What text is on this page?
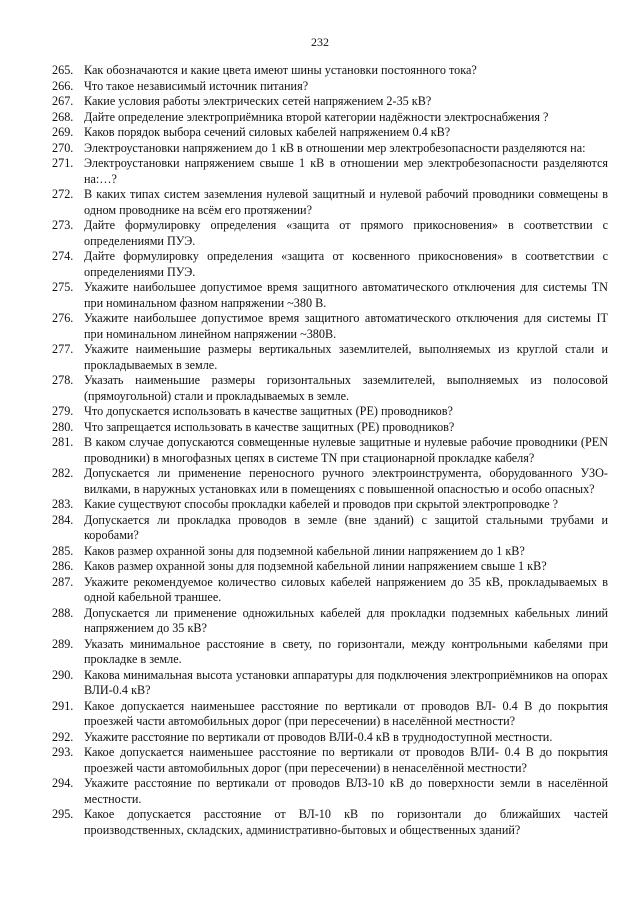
232
265. Как обозначаются и какие цвета имеют шины установки постоянного тока?
266. Что такое независимый источник питания?
267. Какие условия работы электрических сетей напряжением 2-35 кВ?
268. Дайте определение электроприёмника второй категории надёжности электроснабжения ?
269. Каков порядок выбора сечений силовых кабелей напряжением 0.4 кВ?
270. Электроустановки напряжением до 1 кВ в отношении мер электробезопасности разделяются на:
271. Электроустановки напряжением свыше 1 кВ в отношении мер электробезопасности разделяются на:…?
272. В каких типах систем заземления нулевой защитный и нулевой рабочий проводники совмещены в одном проводнике на всём его протяжении?
273. Дайте формулировку определения «защита от прямого прикосновения» в соответствии с определениями ПУЭ.
274. Дайте формулировку определения «защита от косвенного прикосновения» в соответствии с определениями ПУЭ.
275. Укажите наибольшее допустимое время защитного автоматического отключения для системы TN при номинальном фазном напряжении ~380 В.
276. Укажите наибольшее допустимое время защитного автоматического отключения для системы IT при номинальном линейном напряжении ~380В.
277. Укажите наименьшие размеры вертикальных заземлителей, выполняемых из круглой стали и прокладываемых в земле.
278. Указать наименьшие размеры горизонтальных заземлителей, выполняемых из полосовой (прямоугольной) стали и прокладываемых в земле.
279. Что допускается использовать в качестве защитных (РЕ) проводников?
280. Что запрещается использовать в качестве защитных (РЕ) проводников?
281. В каком случае допускаются совмещенные нулевые защитные и нулевые рабочие проводники (PEN проводники) в многофазных цепях в системе TN при стационарной прокладке кабеля?
282. Допускается ли применение переносного ручного электроинструмента, оборудованного УЗО-вилками, в наружных установках или в помещениях с повышенной опасностью и особо опасных?
283. Какие существуют способы прокладки кабелей и проводов при скрытой электропроводке ?
284. Допускается ли прокладка проводов в земле (вне зданий) с защитой стальными трубами и коробами?
285. Каков размер охранной зоны для подземной кабельной линии напряжением до 1 кВ?
286. Каков размер охранной зоны для подземной кабельной линии напряжением свыше 1 кВ?
287. Укажите рекомендуемое количество силовых кабелей напряжением до 35 кВ, прокладываемых в одной кабельной траншее.
288. Допускается ли применение одножильных кабелей для прокладки подземных кабельных линий напряжением до 35 кВ?
289. Указать минимальное расстояние в свету, по горизонтали, между контрольными кабелями при прокладке в земле.
290. Какова минимальная высота установки аппаратуры для подключения электроприёмников на опорах ВЛИ-0.4 кВ?
291. Какое допускается наименьшее расстояние по вертикали от проводов ВЛ- 0.4 В до покрытия проезжей части автомобильных дорог (при пересечении) в населённой местности?
292. Укажите расстояние по вертикали от проводов ВЛИ-0.4 кВ в труднодоступной местности.
293. Какое допускается наименьшее расстояние по вертикали от проводов ВЛИ- 0.4 В до покрытия проезжей части автомобильных дорог (при пересечении) в ненаселённой местности?
294. Укажите расстояние по вертикали от проводов ВЛЗ-10 кВ до поверхности земли в населённой местности.
295. Какое допускается расстояние от ВЛ-10 кВ по горизонтали до ближайших частей производственных, складских, административно-бытовых и общественных зданий?
